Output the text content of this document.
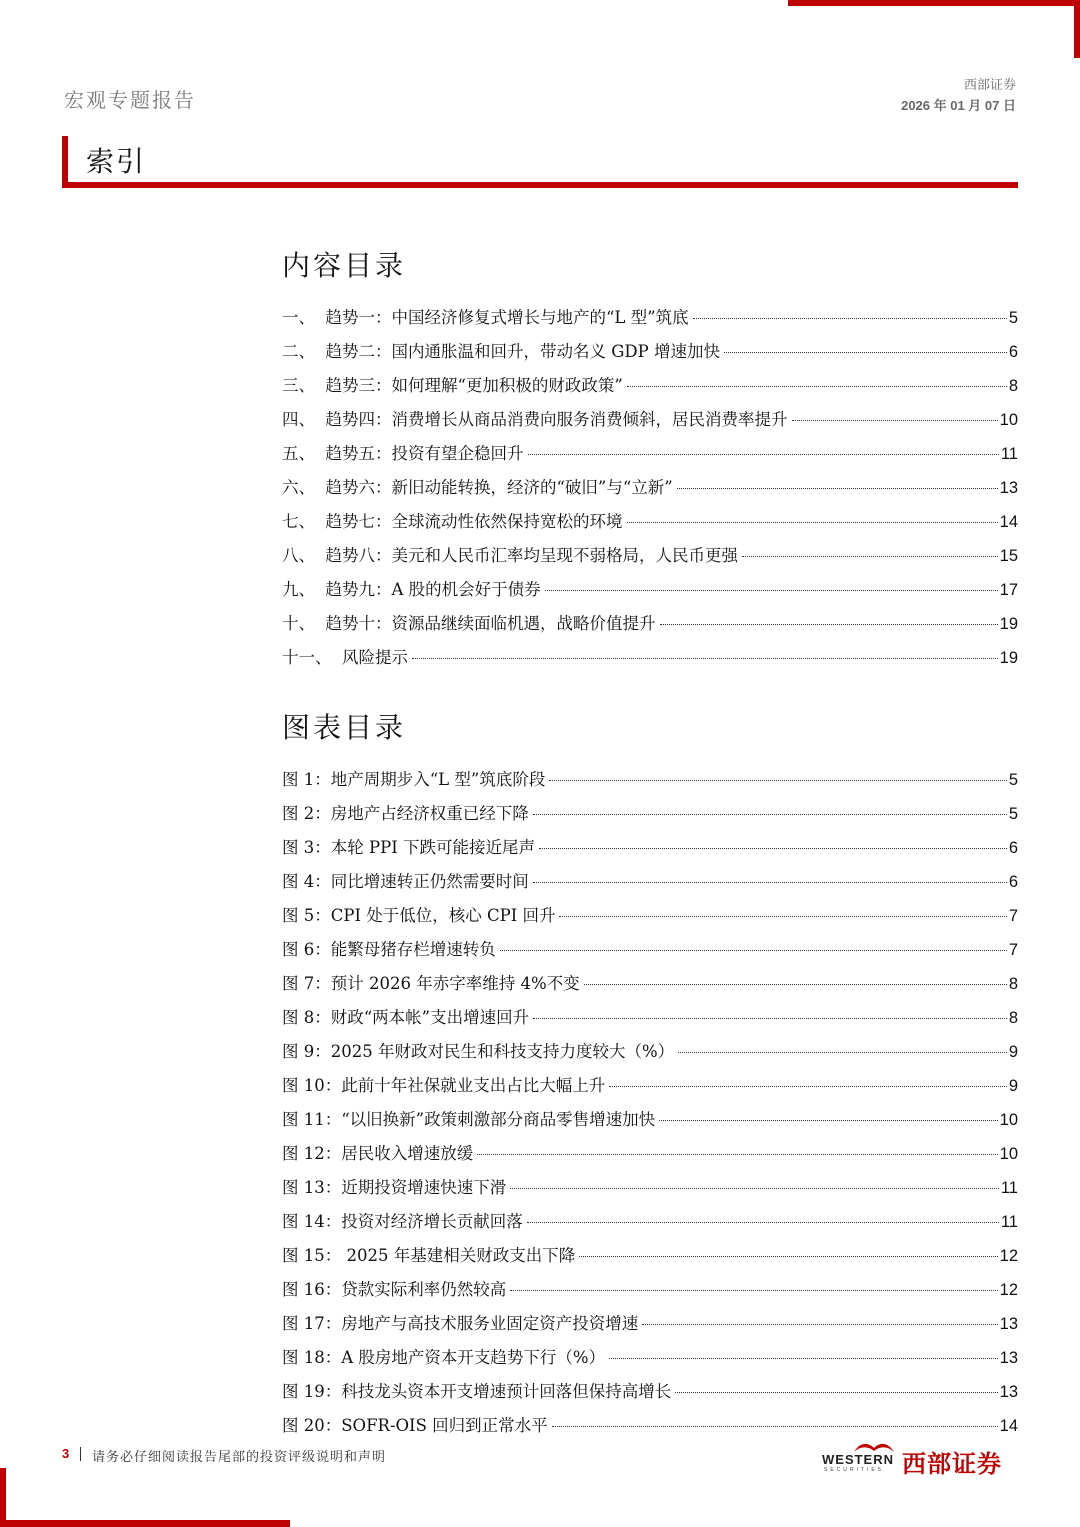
宏观专题报告
西部证券
2026 年 01 月 07 日
索引
内容目录
一、 趋势一：中国经济修复式增长与地产的“L 型”筑底	5
二、 趋势二：国内通胀温和回升，带动名义 GDP 增速加快	6
三、 趋势三：如何理解“更加积极的财政政策”	8
四、 趋势四：消费增长从商品消费向服务消费倾斜，居民消费率提升	10
五、 趋势五：投资有望企稳回升	11
六、 趋势六：新旧动能转换，经济的“破旧”与“立新”	13
七、 趋势七：全球流动性依然保持宽松的环境	14
八、 趋势八：美元和人民币汇率均呈现不弱格局，人民币更强	15
九、 趋势九：A 股的机会好于债券	17
十、 趋势十：资源品继续面临机遇，战略价值提升	19
十一、 风险提示	19
图表目录
图 1： 地产周期步入“L 型”筑底阶段	5
图 2： 房地产占经济权重已经下降	5
图 3： 本轮 PPI 下跌可能接近尾声	6
图 4： 同比增速转正仍然需要时间	6
图 5： CPI 处于低位，核心 CPI 回升	7
图 6： 能繁母猪存栏增速转负	7
图 7： 预计 2026 年赤字率维持 4%不变	8
图 8： 财政“两本帐”支出增速回升	8
图 9： 2025 年财政对民生和科技支持力度较大（%）	9
图 10： 此前十年社保就业支出占比大幅上升	9
图 11： “以旧换新”政策刺激部分商品零售增速加快	10
图 12： 居民收入增速放缓	10
图 13： 近期投资增速快速下滑	11
图 14： 投资对经济增长贡献回落	11
图 15： 2025 年基建相关财政支出下降	12
图 16： 贷款实际利率仍然较高	12
图 17： 房地产与高技术服务业固定资产投资增速	13
图 18： A 股房地产资本开支趋势下行（%）	13
图 19： 科技龙头资本开支增速预计回落但保持高增长	13
图 20： SOFR-OIS 回归到正常水平	14
3 请务必仔细阅读报告尾部的投资评级说明和声明	WESTERN
SECURITIES 西部证券
